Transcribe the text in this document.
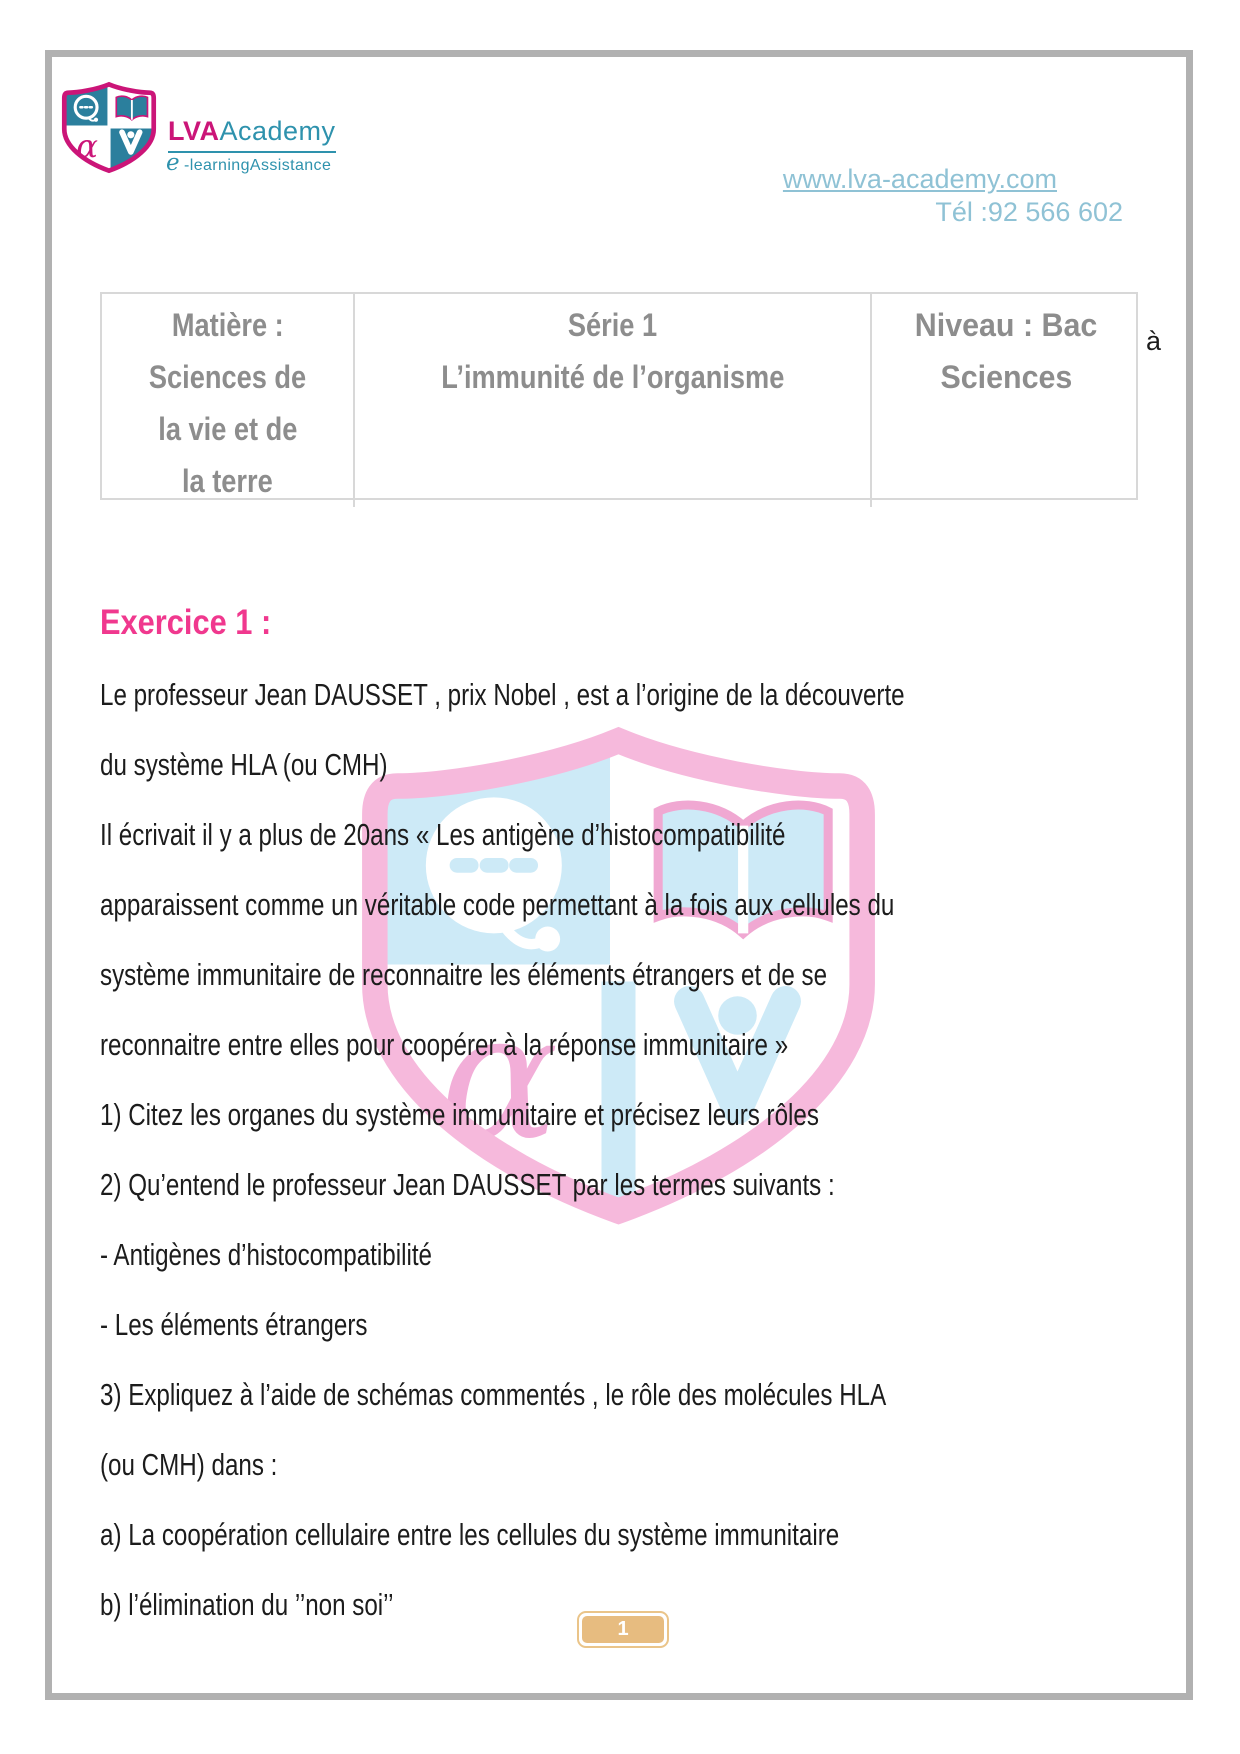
α	LVAAcademy
e -learningAssistance	www.lva-academy.com
Tél :92 566 602
Matière :
Sciences de
la vie et de
la terre
Série 1
L’immunité de l’organisme
Niveau : Bac
Sciences
à
α
Exercice 1 :
Le professeur Jean DAUSSET , prix Nobel , est a l’origine de la découverte
du système HLA (ou CMH)
Il écrivait il y a plus de 20ans « Les antigène d’histocompatibilité
apparaissent comme un véritable code permettant à la fois aux cellules du
système immunitaire de reconnaitre les éléments étrangers et de se
reconnaitre entre elles pour coopérer à la réponse immunitaire »
1) Citez les organes du système immunitaire et précisez leurs rôles
2) Qu’entend le professeur Jean DAUSSET par les termes suivants :
- Antigènes d’histocompatibilité
- Les éléments étrangers
3) Expliquez à l’aide de schémas commentés , le rôle des molécules HLA
(ou CMH) dans :
a) La coopération cellulaire entre les cellules du système immunitaire
b) l’élimination du ’’non soi’’
1
